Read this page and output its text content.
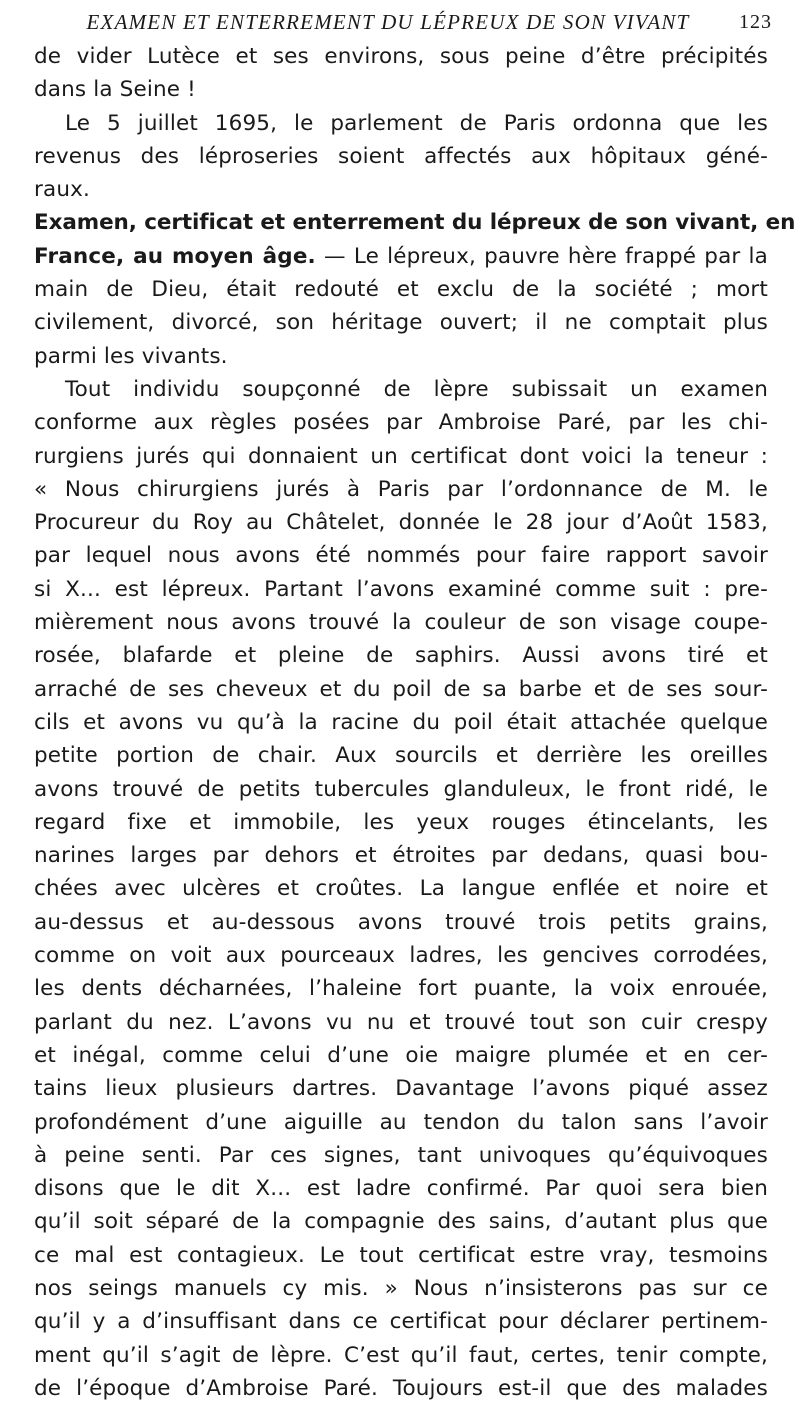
EXAMEN ET ENTERREMENT DU LÉPREUX DE SON VIVANT	123
de vider Lutèce et ses environs, sous peine d’être précipités
dans la Seine !
Le 5 juillet 1695, le parlement de Paris ordonna que les
revenus des léproseries soient affectés aux hôpitaux géné-
raux.
Examen, certificat et enterrement du lépreux de son vivant, en
France, au moyen âge. — Le lépreux, pauvre hère frappé par la
main de Dieu, était redouté et exclu de la société ; mort
civilement, divorcé, son héritage ouvert; il ne comptait plus
parmi les vivants.
Tout individu soupçonné de lèpre subissait un examen
conforme aux règles posées par Ambroise Paré, par les chi-
rurgiens jurés qui donnaient un certificat dont voici la teneur :
« Nous chirurgiens jurés à Paris par l’ordonnance de M. le
Procureur du Roy au Châtelet, donnée le 28 jour d’Août 1583,
par lequel nous avons été nommés pour faire rapport savoir
si X... est lépreux. Partant l’avons examiné comme suit : pre-
mièrement nous avons trouvé la couleur de son visage coupe-
rosée, blafarde et pleine de saphirs. Aussi avons tiré et
arraché de ses cheveux et du poil de sa barbe et de ses sour-
cils et avons vu qu’à la racine du poil était attachée quelque
petite portion de chair. Aux sourcils et derrière les oreilles
avons trouvé de petits tubercules glanduleux, le front ridé, le
regard fixe et immobile, les yeux rouges étincelants, les
narines larges par dehors et étroites par dedans, quasi bou-
chées avec ulcères et croûtes. La langue enflée et noire et
au-dessus et au-dessous avons trouvé trois petits grains,
comme on voit aux pourceaux ladres, les gencives corrodées,
les dents décharnées, l’haleine fort puante, la voix enrouée,
parlant du nez. L’avons vu nu et trouvé tout son cuir crespy
et inégal, comme celui d’une oie maigre plumée et en cer-
tains lieux plusieurs dartres. Davantage l’avons piqué assez
profondément d’une aiguille au tendon du talon sans l’avoir
à peine senti. Par ces signes, tant univoques qu’équivoques
disons que le dit X... est ladre confirmé. Par quoi sera bien
qu’il soit séparé de la compagnie des sains, d’autant plus que
ce mal est contagieux. Le tout certificat estre vray, tesmoins
nos seings manuels cy mis. » Nous n’insisterons pas sur ce
qu’il y a d’insuffisant dans ce certificat pour déclarer pertinem-
ment qu’il s’agit de lèpre. C’est qu’il faut, certes, tenir compte,
de l’époque d’Ambroise Paré. Toujours est-il que des malades
